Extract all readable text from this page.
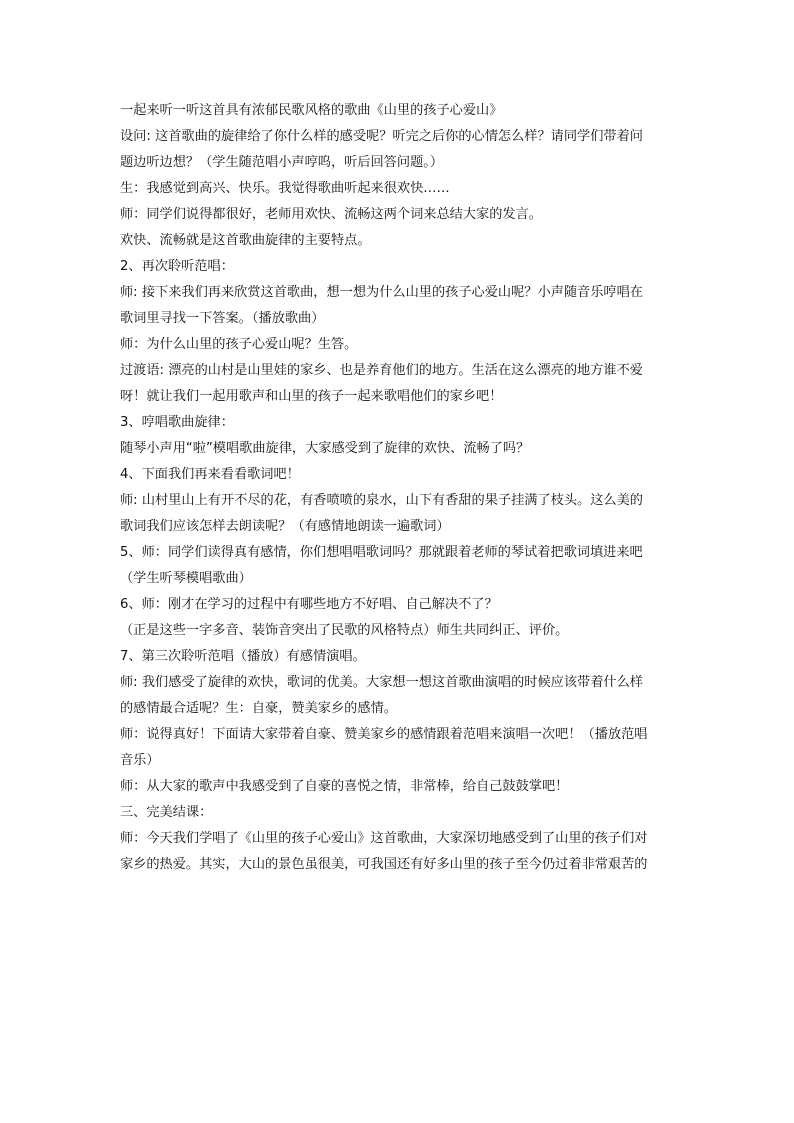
一起来听一听这首具有浓郁民歌风格的歌曲《山里的孩子心爱山》
设问: 这首歌曲的旋律给了你什么样的感受呢？听完之后你的心情怎么样？请同学们带着问
题边听边想？（学生随范唱小声哼呜，听后回答问题。）
生：我感觉到高兴、快乐。我觉得歌曲听起来很欢快……
师：同学们说得都很好，老师用欢快、流畅这两个词来总结大家的发言。
欢快、流畅就是这首歌曲旋律的主要特点。
2、再次聆听范唱：
师: 接下来我们再来欣赏这首歌曲，想一想为什么山里的孩子心爱山呢？小声随音乐哼唱在
歌词里寻找一下答案。（播放歌曲）
师：为什么山里的孩子心爱山呢？生答。
过渡语: 漂亮的山村是山里娃的家乡、也是养育他们的地方。生活在这么漂亮的地方谁不爱
呀！就让我们一起用歌声和山里的孩子一起来歌唱他们的家乡吧！
3、哼唱歌曲旋律：
随琴小声用“啦”模唱歌曲旋律，大家感受到了旋律的欢快、流畅了吗？
4、下面我们再来看看歌词吧！
师: 山村里山上有开不尽的花，有香喷喷的泉水，山下有香甜的果子挂满了枝头。这么美的
歌词我们应该怎样去朗读呢？（有感情地朗读一遍歌词）
5、师：同学们读得真有感情，你们想唱唱歌词吗？那就跟着老师的琴试着把歌词填进来吧
（学生听琴模唱歌曲）
6、师：刚才在学习的过程中有哪些地方不好唱、自己解决不了？
（正是这些一字多音、装饰音突出了民歌的风格特点）师生共同纠正、评价。
7、第三次聆听范唱（播放）有感情演唱。
师: 我们感受了旋律的欢快，歌词的优美。大家想一想这首歌曲演唱的时候应该带着什么样
的感情最合适呢？生：自豪，赞美家乡的感情。
师：说得真好！下面请大家带着自豪、赞美家乡的感情跟着范唱来演唱一次吧！（播放范唱
音乐）
师：从大家的歌声中我感受到了自豪的喜悦之情，非常棒，给自己鼓鼓掌吧！
三、完美结课：
师：今天我们学唱了《山里的孩子心爱山》这首歌曲，大家深切地感受到了山里的孩子们对
家乡的热爱。其实，大山的景色虽很美，可我国还有好多山里的孩子至今仍过着非常艰苦的
